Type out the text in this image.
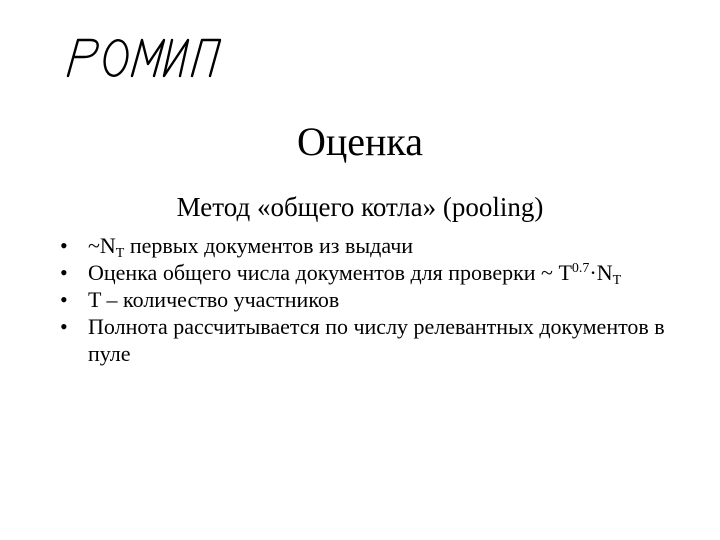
Оценка
Метод «общего котла» (pooling)
• $\sim N_T$ первых документов из выдачи
• Оценка общего числа документов для проверки ~ $T^{0.7}\cdot N_T$
• T – количество участников
• Полнота рассчитывается по числу релевантных документов в пуле
